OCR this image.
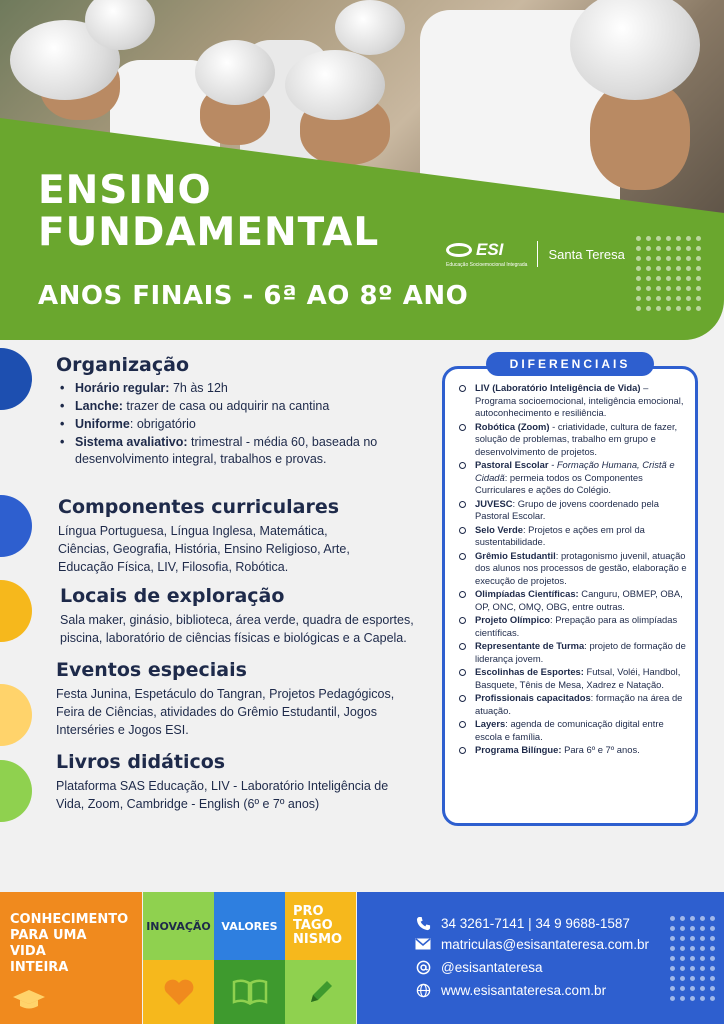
ENSINO
FUNDAMENTAL
ANOS FINAIS - 6ª AO 8º ANO
ESI
Educação Socioemocional Integrada
Santa Teresa
Organização
• Horário regular: 7h às 12h
• Lanche: trazer de casa ou adquirir na cantina
• Uniforme: obrigatório
• Sistema avaliativo: trimestral - média 60, baseada no desenvolvimento integral, trabalhos e provas.
Componentes curriculares
Língua Portuguesa, Língua Inglesa, Matemática, Ciências, Geografia, História, Ensino Religioso, Arte, Educação Física, LIV, Filosofia, Robótica.
Locais de exploração
Sala maker, ginásio, biblioteca, área verde, quadra de esportes, piscina, laboratório de ciências físicas e biológicas e a Capela.
Eventos especiais
Festa Junina, Espetáculo do Tangran, Projetos Pedagógicos, Feira de Ciências, atividades do Grêmio Estudantil, Jogos Interséries e Jogos ESI.
Livros didáticos
Plataforma SAS Educação, LIV - Laboratório Inteligência de Vida, Zoom, Cambridge - English (6º e 7º anos)
DIFERENCIAIS
LIV (Laboratório Inteligência de Vida) – Programa socioemocional, inteligência emocional, autoconhecimento e resiliência.
Robótica (Zoom) - criatividade, cultura de fazer, solução de problemas, trabalho em grupo e desenvolvimento de projetos.
Pastoral Escolar - Formação Humana, Cristã e Cidadã: permeia todos os Componentes Curriculares e ações do Colégio.
JUVESC: Grupo de jovens coordenado pela Pastoral Escolar.
Selo Verde: Projetos e ações em prol da sustentabilidade.
Grêmio Estudantil: protagonismo juvenil, atuação dos alunos nos processos de gestão, elaboração e execução de projetos.
Olimpíadas Científicas: Canguru, OBMEP, OBA, OP, ONC, OMQ, OBG, entre outras.
Projeto Olímpico: Prepação para as olimpíadas científicas.
Representante de Turma: projeto de formação de liderança jovem.
Escolinhas de Esportes: Futsal, Voléi, Handbol, Basquete, Tênis de Mesa, Xadrez e Natação.
Profissionais capacitados: formação na área de atuação.
Layers: agenda de comunicação digital entre escola e família.
Programa Bilíngue: Para 6º e 7º anos.
CONHECIMENTO
PARA UMA
VIDA
INTEIRA
INOVAÇÃO VALORES
PRO
TAGO
NISMO
34 3261-7141 | 34 9 9688-1587
matriculas@esisantateresa.com.br
@esisantateresa
www.esisantateresa.com.br
